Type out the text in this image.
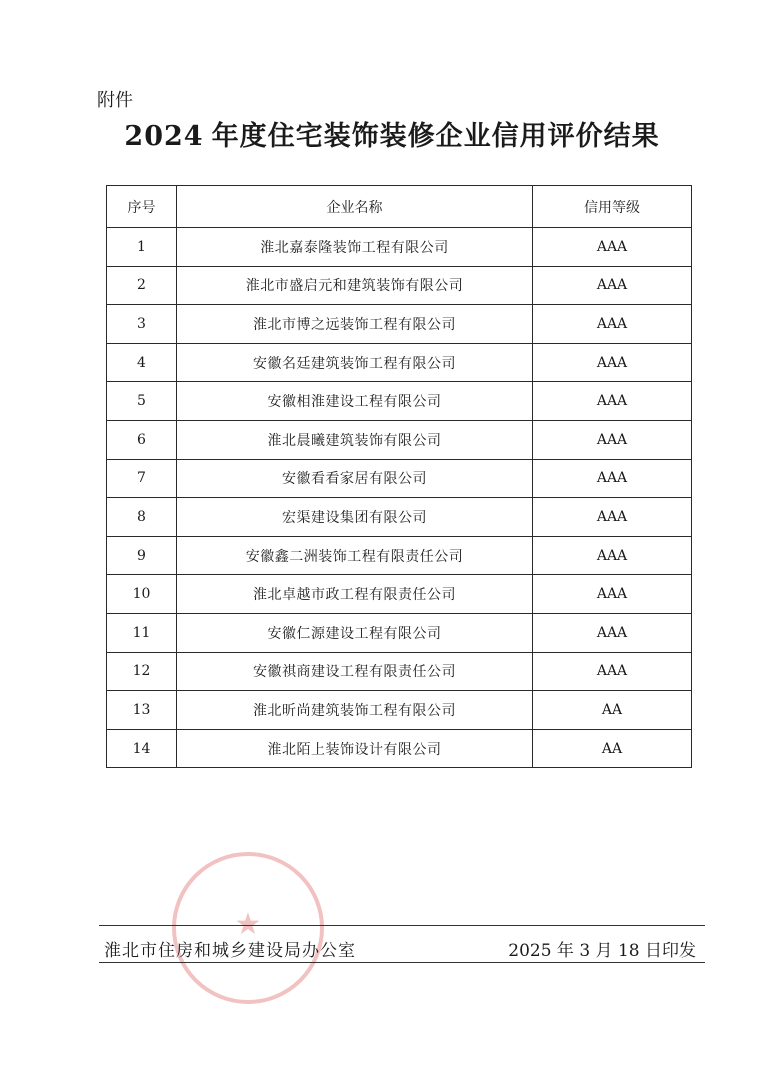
附件
2024 年度住宅装饰装修企业信用评价结果
序号	企业名称	信用等级
1	淮北嘉泰隆装饰工程有限公司	AAA
2	淮北市盛启元和建筑装饰有限公司	AAA
3	淮北市博之远装饰工程有限公司	AAA
4	安徽名廷建筑装饰工程有限公司	AAA
5	安徽相淮建设工程有限公司	AAA
6	淮北晨曦建筑装饰有限公司	AAA
7	安徽看看家居有限公司	AAA
8	宏渠建设集团有限公司	AAA
9	安徽鑫二洲装饰工程有限责任公司	AAA
10	淮北卓越市政工程有限责任公司	AAA
11	安徽仁源建设工程有限公司	AAA
12	安徽祺商建设工程有限责任公司	AAA
13	淮北昕尚建筑装饰工程有限公司	AA
14	淮北陌上装饰设计有限公司	AA
★
淮北市住房和城乡建设局办公室	2025 年 3 月 18 日印发
